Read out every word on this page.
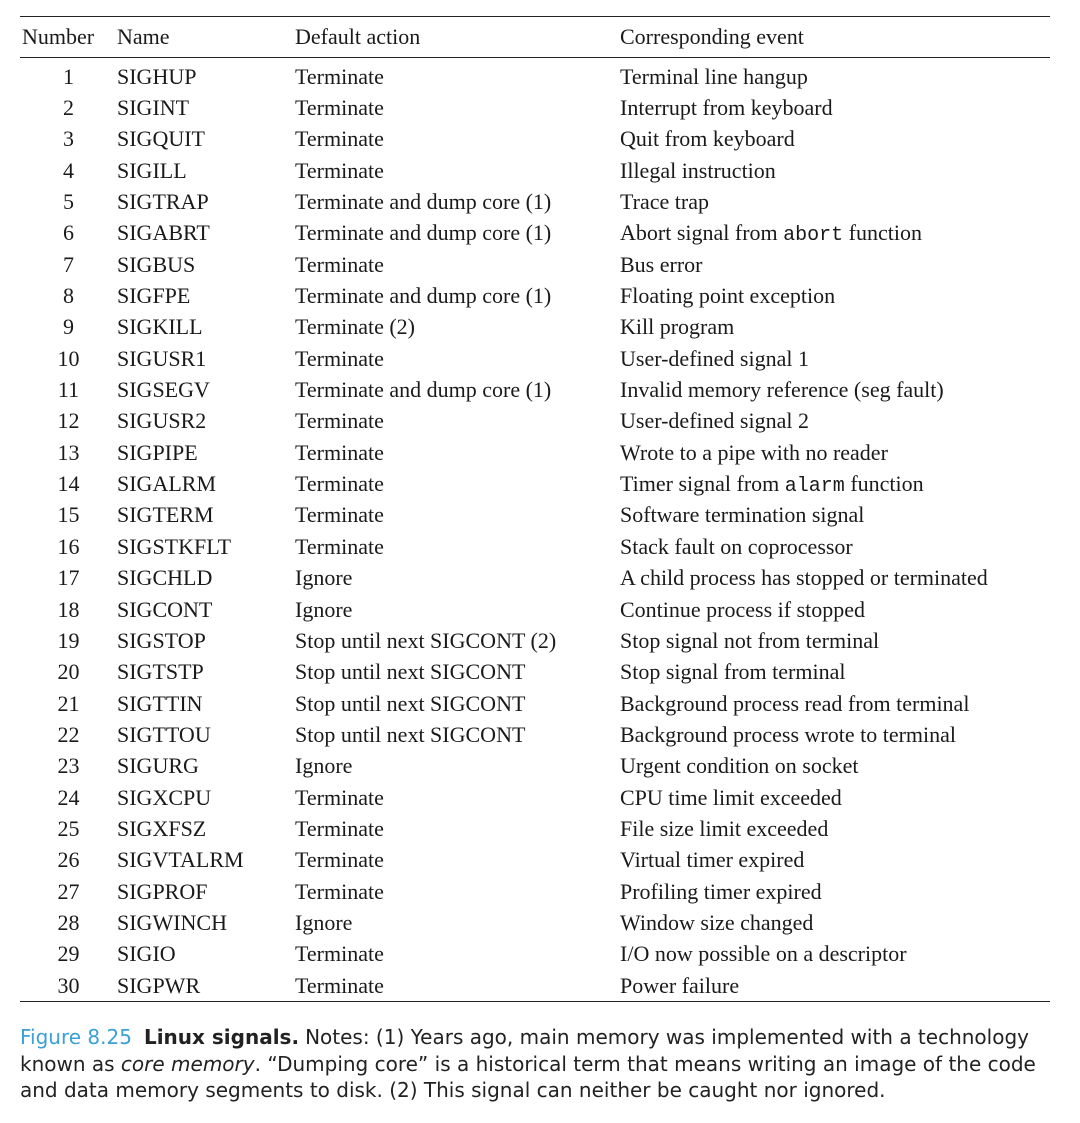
Number	Name	Default action	Corresponding event
1	SIGHUP	Terminate	Terminal line hangup
2	SIGINT	Terminate	Interrupt from keyboard
3	SIGQUIT	Terminate	Quit from keyboard
4	SIGILL	Terminate	Illegal instruction
5	SIGTRAP	Terminate and dump core (1)	Trace trap
6	SIGABRT	Terminate and dump core (1)	Abort signal from abort function
7	SIGBUS	Terminate	Bus error
8	SIGFPE	Terminate and dump core (1)	Floating point exception
9	SIGKILL	Terminate (2)	Kill program
10	SIGUSR1	Terminate	User-defined signal 1
11	SIGSEGV	Terminate and dump core (1)	Invalid memory reference (seg fault)
12	SIGUSR2	Terminate	User-defined signal 2
13	SIGPIPE	Terminate	Wrote to a pipe with no reader
14	SIGALRM	Terminate	Timer signal from alarm function
15	SIGTERM	Terminate	Software termination signal
16	SIGSTKFLT	Terminate	Stack fault on coprocessor
17	SIGCHLD	Ignore	A child process has stopped or terminated
18	SIGCONT	Ignore	Continue process if stopped
19	SIGSTOP	Stop until next SIGCONT (2)	Stop signal not from terminal
20	SIGTSTP	Stop until next SIGCONT	Stop signal from terminal
21	SIGTTIN	Stop until next SIGCONT	Background process read from terminal
22	SIGTTOU	Stop until next SIGCONT	Background process wrote to terminal
23	SIGURG	Ignore	Urgent condition on socket
24	SIGXCPU	Terminate	CPU time limit exceeded
25	SIGXFSZ	Terminate	File size limit exceeded
26	SIGVTALRM	Terminate	Virtual timer expired
27	SIGPROF	Terminate	Profiling timer expired
28	SIGWINCH	Ignore	Window size changed
29	SIGIO	Terminate	I/O now possible on a descriptor
30	SIGPWR	Terminate	Power failure
Figure 8.25 Linux signals. Notes: (1) Years ago, main memory was implemented with a technology known as core memory. “Dumping core” is a historical term that means writing an image of the code and data memory segments to disk. (2) This signal can neither be caught nor ignored.
